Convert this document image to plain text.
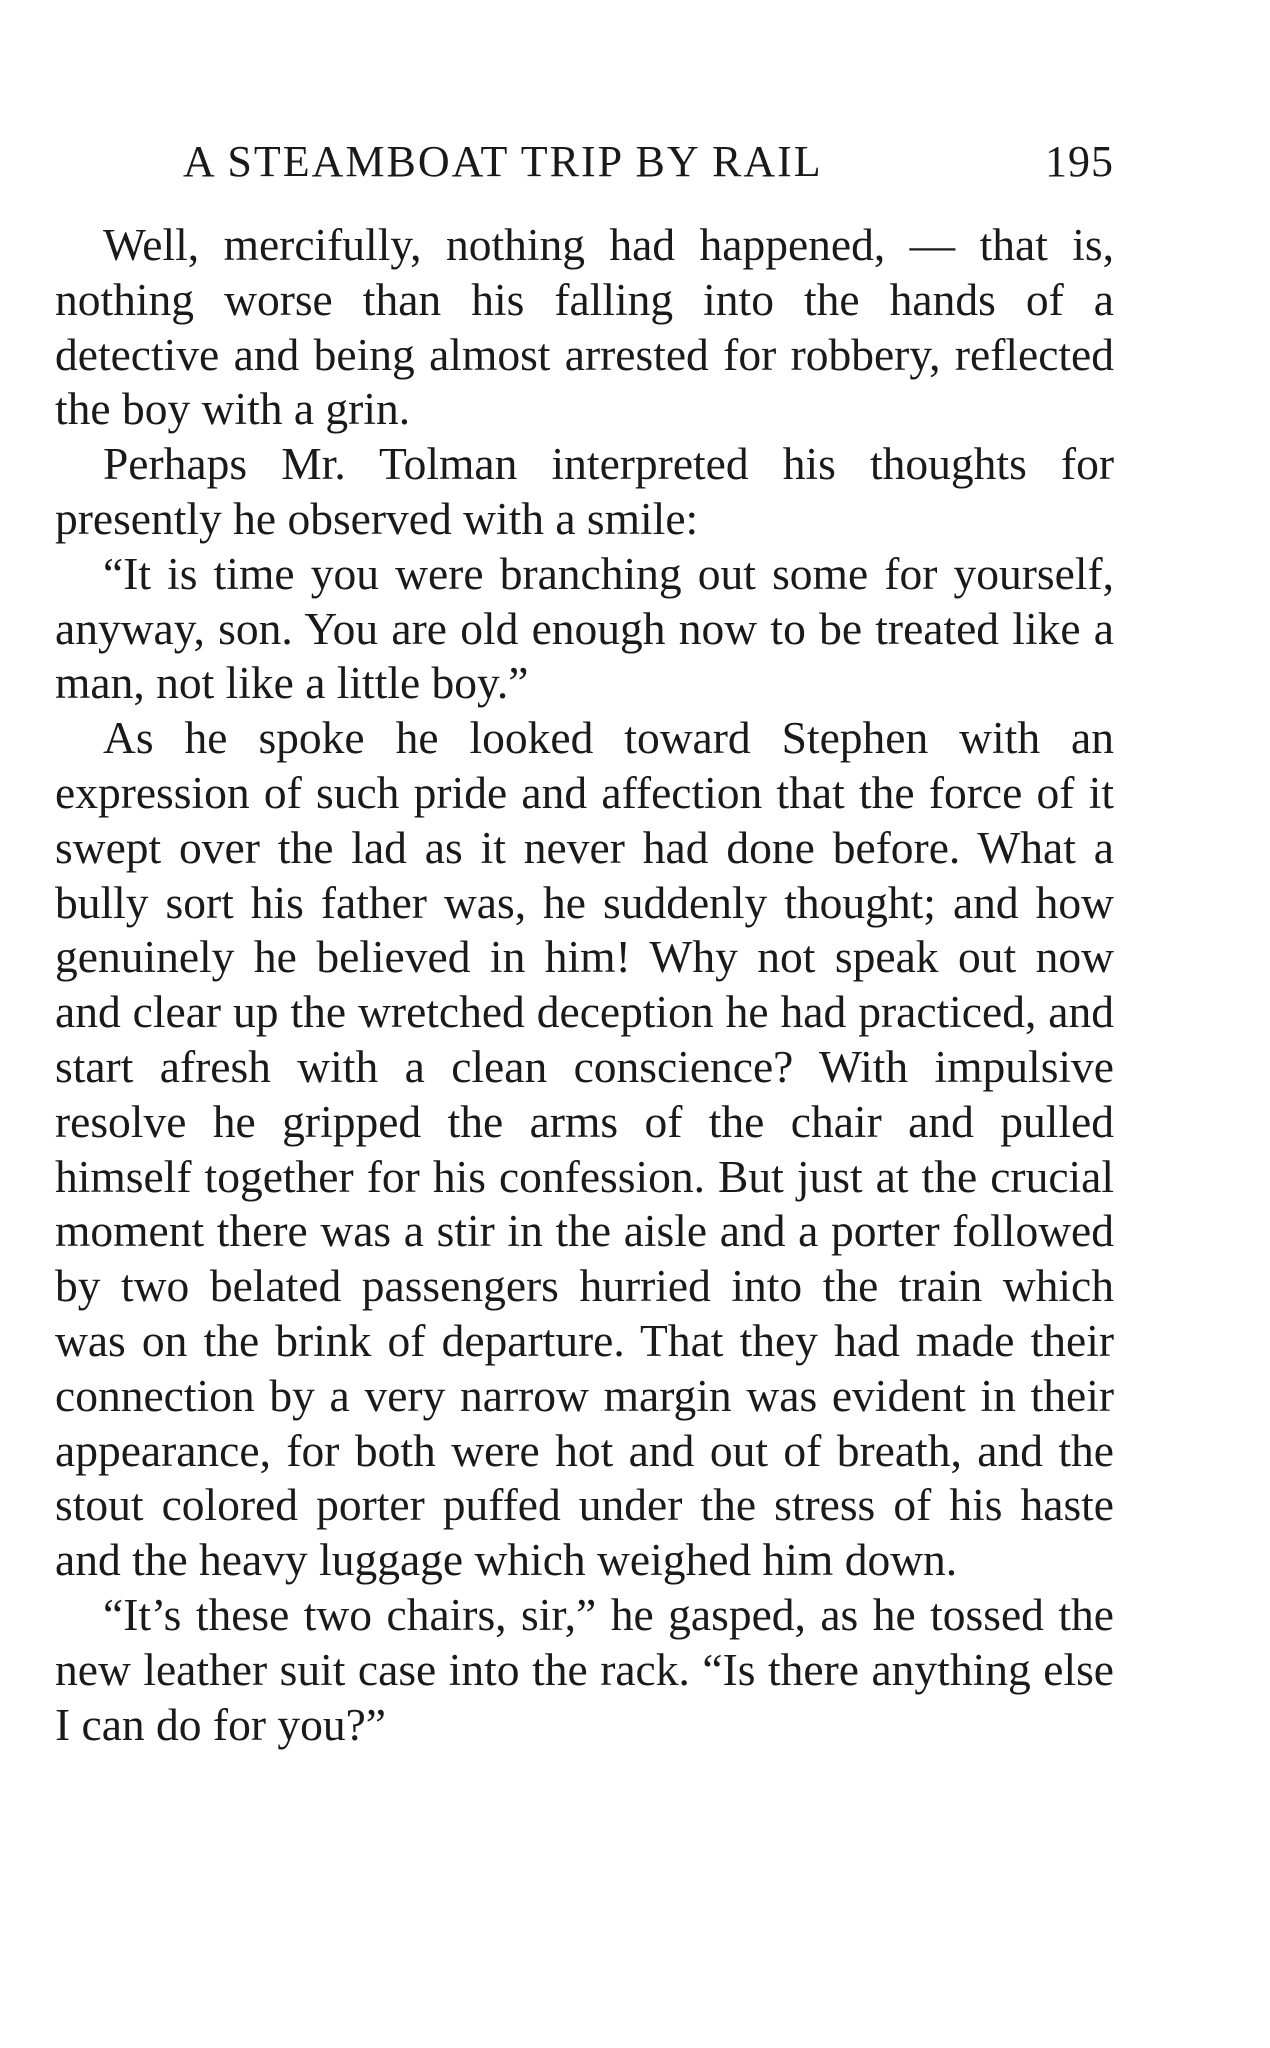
A STEAMBOAT TRIP BY RAIL	195

Well, mercifully, nothing had happened, — that is, nothing worse than his falling into the hands of a detective and being almost arrested for robbery, reflected the boy with a grin.

Perhaps Mr. Tolman interpreted his thoughts for presently he observed with a smile:

“It is time you were branching out some for yourself, anyway, son. You are old enough now to be treated like a man, not like a little boy.”

As he spoke he looked toward Stephen with an expression of such pride and affection that the force of it swept over the lad as it never had done before. What a bully sort his father was, he suddenly thought; and how genuinely he believed in him! Why not speak out now and clear up the wretched deception he had practiced, and start afresh with a clean conscience? With impulsive resolve he gripped the arms of the chair and pulled himself together for his confession. But just at the crucial moment there was a stir in the aisle and a porter followed by two belated passengers hurried into the train which was on the brink of departure. That they had made their connection by a very narrow margin was evident in their appearance, for both were hot and out of breath, and the stout colored porter puffed under the stress of his haste and the heavy luggage which weighed him down.

“It’s these two chairs, sir,” he gasped, as he tossed the new leather suit case into the rack. “Is there anything else I can do for you?”
